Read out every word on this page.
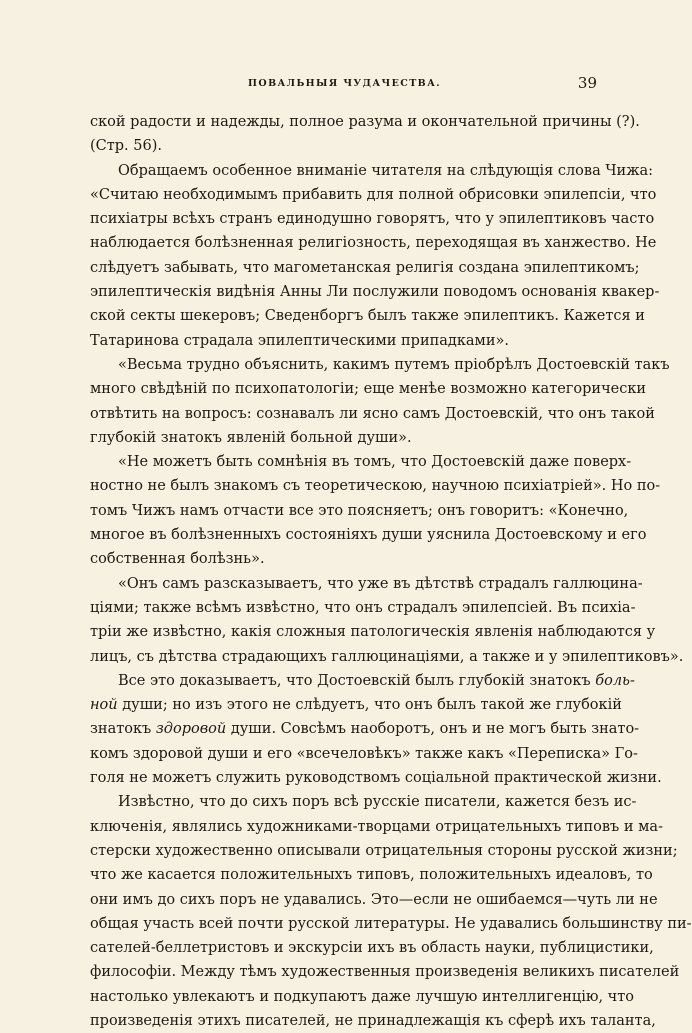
ПОВАЛЬНЫЯ ЧУДАЧЕСТВА.	39
ской радости и надежды, полное разума и окончательной причины (?).
(Стр. 56).
Обращаемъ особенное вниманіе читателя на слѣдующія слова Чижа:
«Считаю необходимымъ прибавить для полной обрисовки эпилепсіи, что
психіатры всѣхъ странъ единодушно говорятъ, что у эпилептиковъ часто
наблюдается болѣзненная религіозность, переходящая въ ханжество. Не
слѣдуетъ забывать, что магометанская религія создана эпилептикомъ;
эпилептическія видѣнія Анны Ли послужили поводомъ основанія квакер-
ской секты шекеровъ; Сведенборгъ былъ также эпилептикъ. Кажется и
Татаринова страдала эпилептическими припадками».
«Весьма трудно объяснить, какимъ путемъ пріобрѣлъ Достоевскій такъ
много свѣдѣній по психопатологіи; еще менѣе возможно категорически
отвѣтить на вопросъ: сознавалъ ли ясно самъ Достоевскій, что онъ такой
глубокій знатокъ явленій больной души».
«Не можетъ быть сомнѣнія въ томъ, что Достоевскій даже поверх-
ностно не былъ знакомъ съ теоретическою, научною психіатріей». Но по-
томъ Чижъ намъ отчасти все это поясняетъ; онъ говоритъ: «Конечно,
многое въ болѣзненныхъ состояніяхъ души уяснила Достоевскому и его
собственная болѣзнь».
«Онъ самъ разсказываетъ, что уже въ дѣтствѣ страдалъ галлюцина-
ціями; также всѣмъ извѣстно, что онъ страдалъ эпилепсіей. Въ психіа-
тріи же извѣстно, какія сложныя патологическія явленія наблюдаются у
лицъ, съ дѣтства страдающихъ галлюцинаціями, а также и у эпилептиковъ».
Все это доказываетъ, что Достоевскій былъ глубокій знатокъ боль-
ной души; но изъ этого не слѣдуетъ, что онъ былъ такой же глубокій
знатокъ здоровой души. Совсѣмъ наоборотъ, онъ и не могъ быть знато-
комъ здоровой души и его «всечеловѣкъ» также какъ «Переписка» Го-
голя не можетъ служить руководствомъ соціальной практической жизни.
Извѣстно, что до сихъ поръ всѣ русскіе писатели, кажется безъ ис-
ключенія, являлись художниками-творцами отрицательныхъ типовъ и ма-
стерски художественно описывали отрицательныя стороны русской жизни;
что же касается положительныхъ типовъ, положительныхъ идеаловъ, то
они имъ до сихъ поръ не удавались. Это—если не ошибаемся—чуть ли не
общая участь всей почти русской литературы. Не удавались большинству пи-
сателей-беллетристовъ и экскурсіи ихъ въ область науки, публицистики,
философіи. Между тѣмъ художественныя произведенія великихъ писателей
настолько увлекаютъ и подкупаютъ даже лучшую интеллигенцію, что
произведенія этихъ писателей, не принадлежащія къ сферѣ ихъ таланта,
